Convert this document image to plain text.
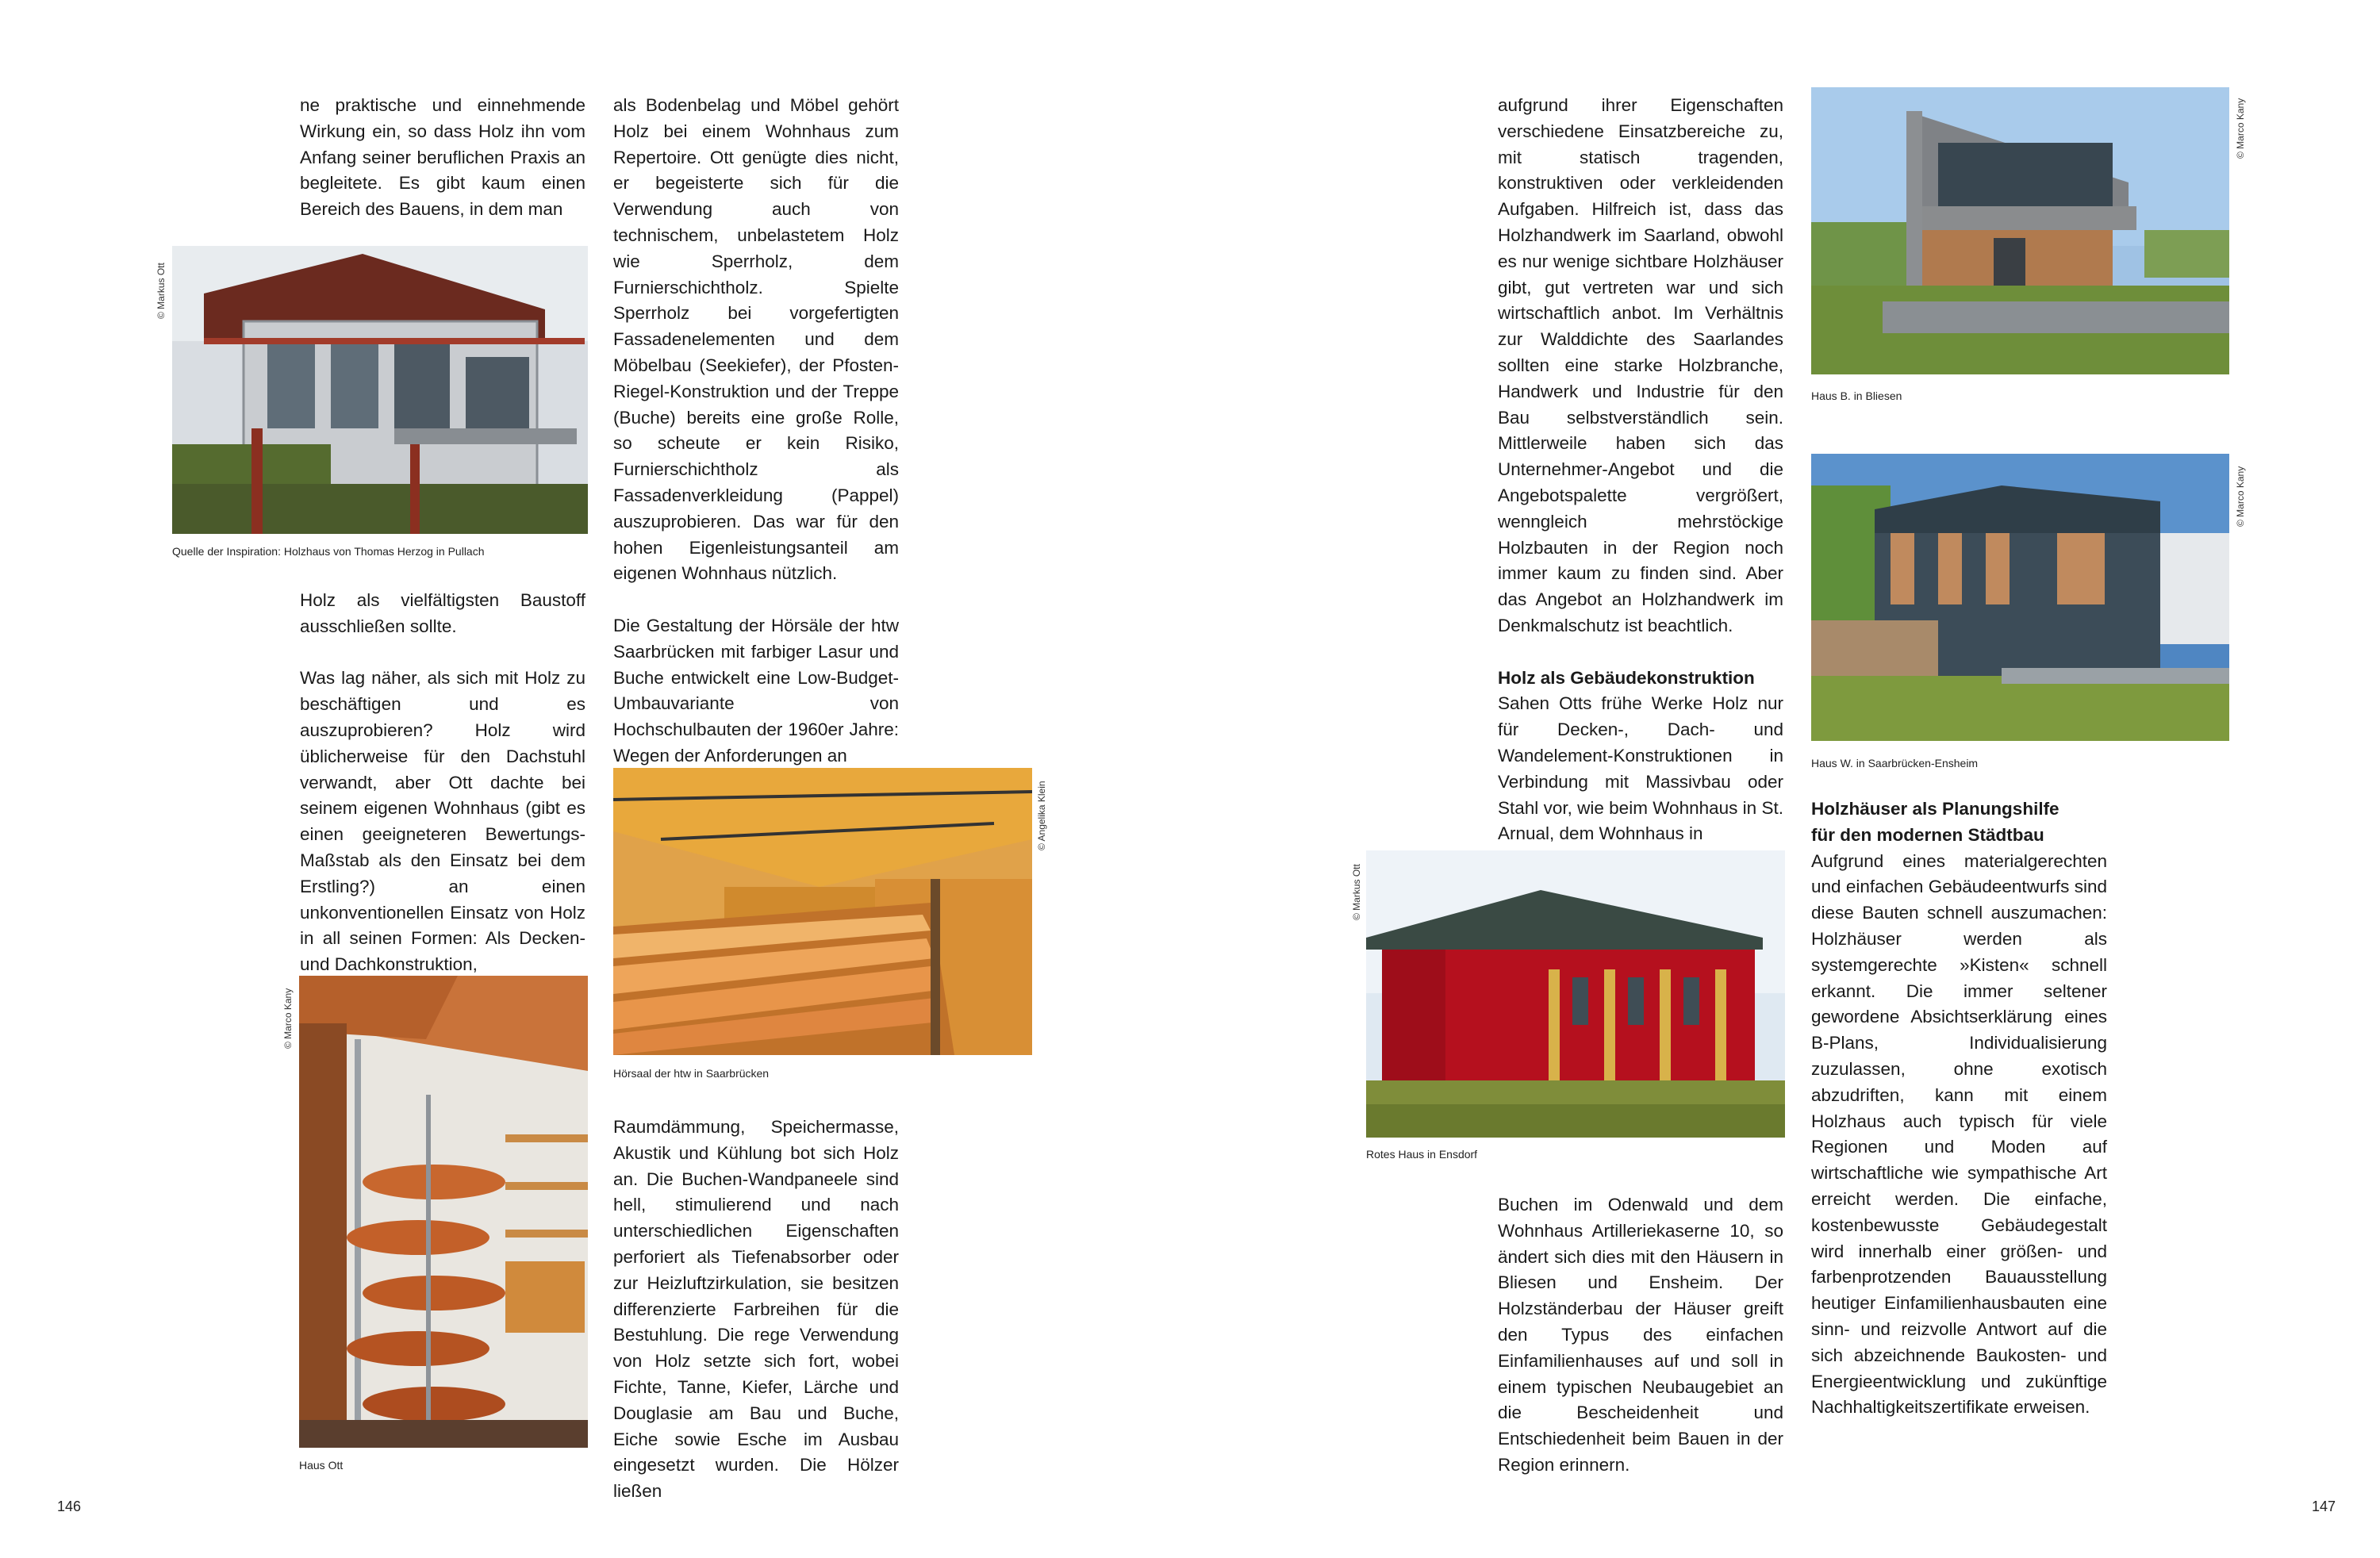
ne praktische und einnehmende Wirkung ein, so dass Holz ihn vom Anfang seiner beruflichen Praxis an begleitete. Es gibt kaum einen Bereich des Bauens, in dem man

© Markus Ott
Quelle der Inspiration: Holzhaus von Thomas Herzog in Pullach

Holz als vielfältigsten Baustoff ausschließen sollte.

Was lag näher, als sich mit Holz zu beschäftigen und es auszuprobieren? Holz wird üblicherweise für den Dachstuhl verwandt, aber Ott dachte bei seinem eigenen Wohnhaus (gibt es einen geeigneteren Bewertungs-Maßstab als den Einsatz bei dem Erstling?) an einen unkonventionellen Einsatz von Holz in all seinen Formen: Als Decken- und Dachkonstruktion,

© Marco Kany
Haus Ott

als Bodenbelag und Möbel gehört Holz bei einem Wohnhaus zum Repertoire. Ott genügte dies nicht, er begeisterte sich für die Verwendung auch von technischem, unbelastetem Holz wie Sperrholz, dem Furnierschichtholz. Spielte Sperrholz bei vorgefertigten Fassadenelementen und dem Möbelbau (Seekiefer), der Pfosten-Riegel-Konstruktion und der Treppe (Buche) bereits eine große Rolle, so scheute er kein Risiko, Furnierschichtholz als Fassadenverkleidung (Pappel) auszuprobieren. Das war für den hohen Eigenleistungsanteil am eigenen Wohnhaus nützlich.

Die Gestaltung der Hörsäle der htw Saarbrücken mit farbiger Lasur und Buche entwickelt eine Low-Budget-Umbauvariante von Hochschulbauten der 1960er Jahre: Wegen der Anforderungen an

© Angelika Klein
Hörsaal der htw in Saarbrücken

Raumdämmung, Speichermasse, Akustik und Kühlung bot sich Holz an. Die Buchen-Wandpaneele sind hell, stimulierend und nach unterschiedlichen Eigenschaften perforiert als Tiefenabsorber oder zur Heizluftzirkulation, sie besitzen differenzierte Farbreihen für die Bestuhlung. Die rege Verwendung von Holz setzte sich fort, wobei Fichte, Tanne, Kiefer, Lärche und Douglasie am Bau und Buche, Eiche sowie Esche im Ausbau eingesetzt wurden. Die Hölzer ließen

146

aufgrund ihrer Eigenschaften verschiedene Einsatzbereiche zu, mit statisch tragenden, konstruktiven oder verkleidenden Aufgaben. Hilfreich ist, dass das Holzhandwerk im Saarland, obwohl es nur wenige sichtbare Holzhäuser gibt, gut vertreten war und sich wirtschaftlich anbot. Im Verhältnis zur Walddichte des Saarlandes sollten eine starke Holzbranche, Handwerk und Industrie für den Bau selbstverständlich sein. Mittlerweile haben sich das Unternehmer-Angebot und die Angebotspalette vergrößert, wenngleich mehrstöckige Holzbauten in der Region noch immer kaum zu finden sind. Aber das Angebot an Holzhandwerk im Denkmalschutz ist beachtlich.

Holz als Gebäudekonstruktion

Sahen Otts frühe Werke Holz nur für Decken-, Dach- und Wandelement-Konstruktionen in Verbindung mit Massivbau oder Stahl vor, wie beim Wohnhaus in St. Arnual, dem Wohnhaus in

© Markus Ott
Rotes Haus in Ensdorf

Buchen im Odenwald und dem Wohnhaus Artilleriekaserne 10, so ändert sich dies mit den Häusern in Bliesen und Ensheim. Der Holzständerbau der Häuser greift den Typus des einfachen Einfamilienhauses auf und soll in einem typischen Neubaugebiet an die Bescheidenheit und Entschiedenheit beim Bauen in der Region erinnern.

© Marco Kany
Haus B. in Bliesen
© Marco Kany
Haus W. in Saarbrücken-Ensheim
Holzhäuser als Planungshilfe
für den modernen Städtbau

Aufgrund eines materialgerechten und einfachen Gebäudeentwurfs sind diese Bauten schnell auszumachen: Holzhäuser werden als systemgerechte »Kisten« schnell erkannt. Die immer seltener gewordene Absichtserklärung eines B-Plans, Individualisierung zuzulassen, ohne exotisch abzudriften, kann mit einem Holzhaus auch typisch für viele Regionen und Moden auf wirtschaftliche wie sympathische Art erreicht werden. Die einfache, kostenbewusste Gebäudegestalt wird innerhalb einer größen- und farbenprotzenden Bauausstellung heutiger Einfamilienhausbauten eine sinn- und reizvolle Antwort auf die sich abzeichnende Baukosten- und Energieentwicklung und zukünftige Nachhaltigkeitszertifikate erweisen.

147
